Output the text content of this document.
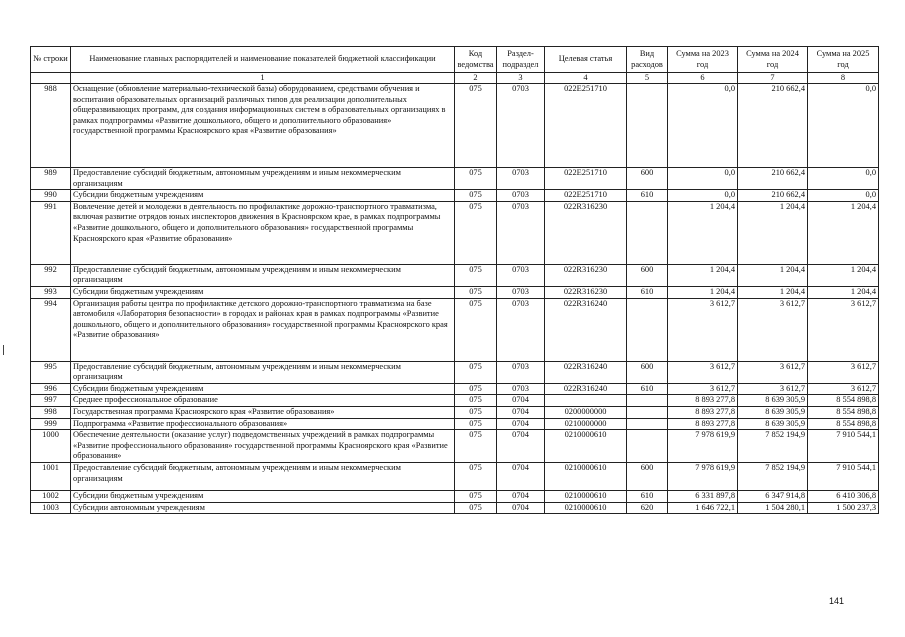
№ строки	Наименование главных распорядителей и наименование показателей бюджетной классификации	Код ведомства	Раздел-подраздел	Целевая статья	Вид расходов	Сумма на 2023 год	Сумма на 2024 год	Сумма на 2025 год
	1	2	3	4	5	6	7	8
988	Оснащение (обновление материально-технической базы) оборудованием, средствами обучения и воспитания образовательных организаций различных типов для реализации дополнительных общеразвивающих программ, для создания информационных систем в образовательных организациях в рамках подпрограммы «Развитие дошкольного, общего и дополнительного образования» государственной программы Красноярского края «Развитие образования»	075	0703	022Е251710		0,0	210 662,4	0,0
989	Предоставление субсидий бюджетным, автономным учреждениям и иным некоммерческим организациям	075	0703	022Е251710	600	0,0	210 662,4	0,0
990	Субсидии бюджетным учреждениям	075	0703	022Е251710	610	0,0	210 662,4	0,0
991	Вовлечение детей и молодежи в деятельность по профилактике дорожно-транспортного травматизма, включая развитие отрядов юных инспекторов движения в Красноярском крае, в рамках подпрограммы «Развитие дошкольного, общего и дополнительного образования» государственной программы Красноярского края «Развитие образования»	075	0703	022R316230		1 204,4	1 204,4	1 204,4
992	Предоставление субсидий бюджетным, автономным учреждениям и иным некоммерческим организациям	075	0703	022R316230	600	1 204,4	1 204,4	1 204,4
993	Субсидии бюджетным учреждениям	075	0703	022R316230	610	1 204,4	1 204,4	1 204,4
994	Организация работы центра по профилактике детского дорожно-транспортного травматизма на базе автомобиля «Лаборатория безопасности» в городах и районах края в рамках подпрограммы «Развитие дошкольного, общего и дополнительного образования» государственной программы Красноярского края «Развитие образования»	075	0703	022R316240		3 612,7	3 612,7	3 612,7
995	Предоставление субсидий бюджетным, автономным учреждениям и иным некоммерческим организациям	075	0703	022R316240	600	3 612,7	3 612,7	3 612,7
996	Субсидии бюджетным учреждениям	075	0703	022R316240	610	3 612,7	3 612,7	3 612,7
997	Среднее профессиональное образование	075	0704			8 893 277,8	8 639 305,9	8 554 898,8
998	Государственная программа Красноярского края «Развитие образования»	075	0704	0200000000		8 893 277,8	8 639 305,9	8 554 898,8
999	Подпрограмма «Развитие профессионального образования»	075	0704	0210000000		8 893 277,8	8 639 305,9	8 554 898,8
1000	Обеспечение деятельности (оказание услуг) подведомственных учреждений в рамках подпрограммы «Развитие профессионального образования» государственной программы Красноярского края «Развитие образования»	075	0704	0210000610		7 978 619,9	7 852 194,9	7 910 544,1
1001	Предоставление субсидий бюджетным, автономным учреждениям и иным некоммерческим организациям	075	0704	0210000610	600	7 978 619,9	7 852 194,9	7 910 544,1
1002	Субсидии бюджетным учреждениям	075	0704	0210000610	610	6 331 897,8	6 347 914,8	6 410 306,8
1003	Субсидии автономным учреждениям	075	0704	0210000610	620	1 646 722,1	1 504 280,1	1 500 237,3
141
